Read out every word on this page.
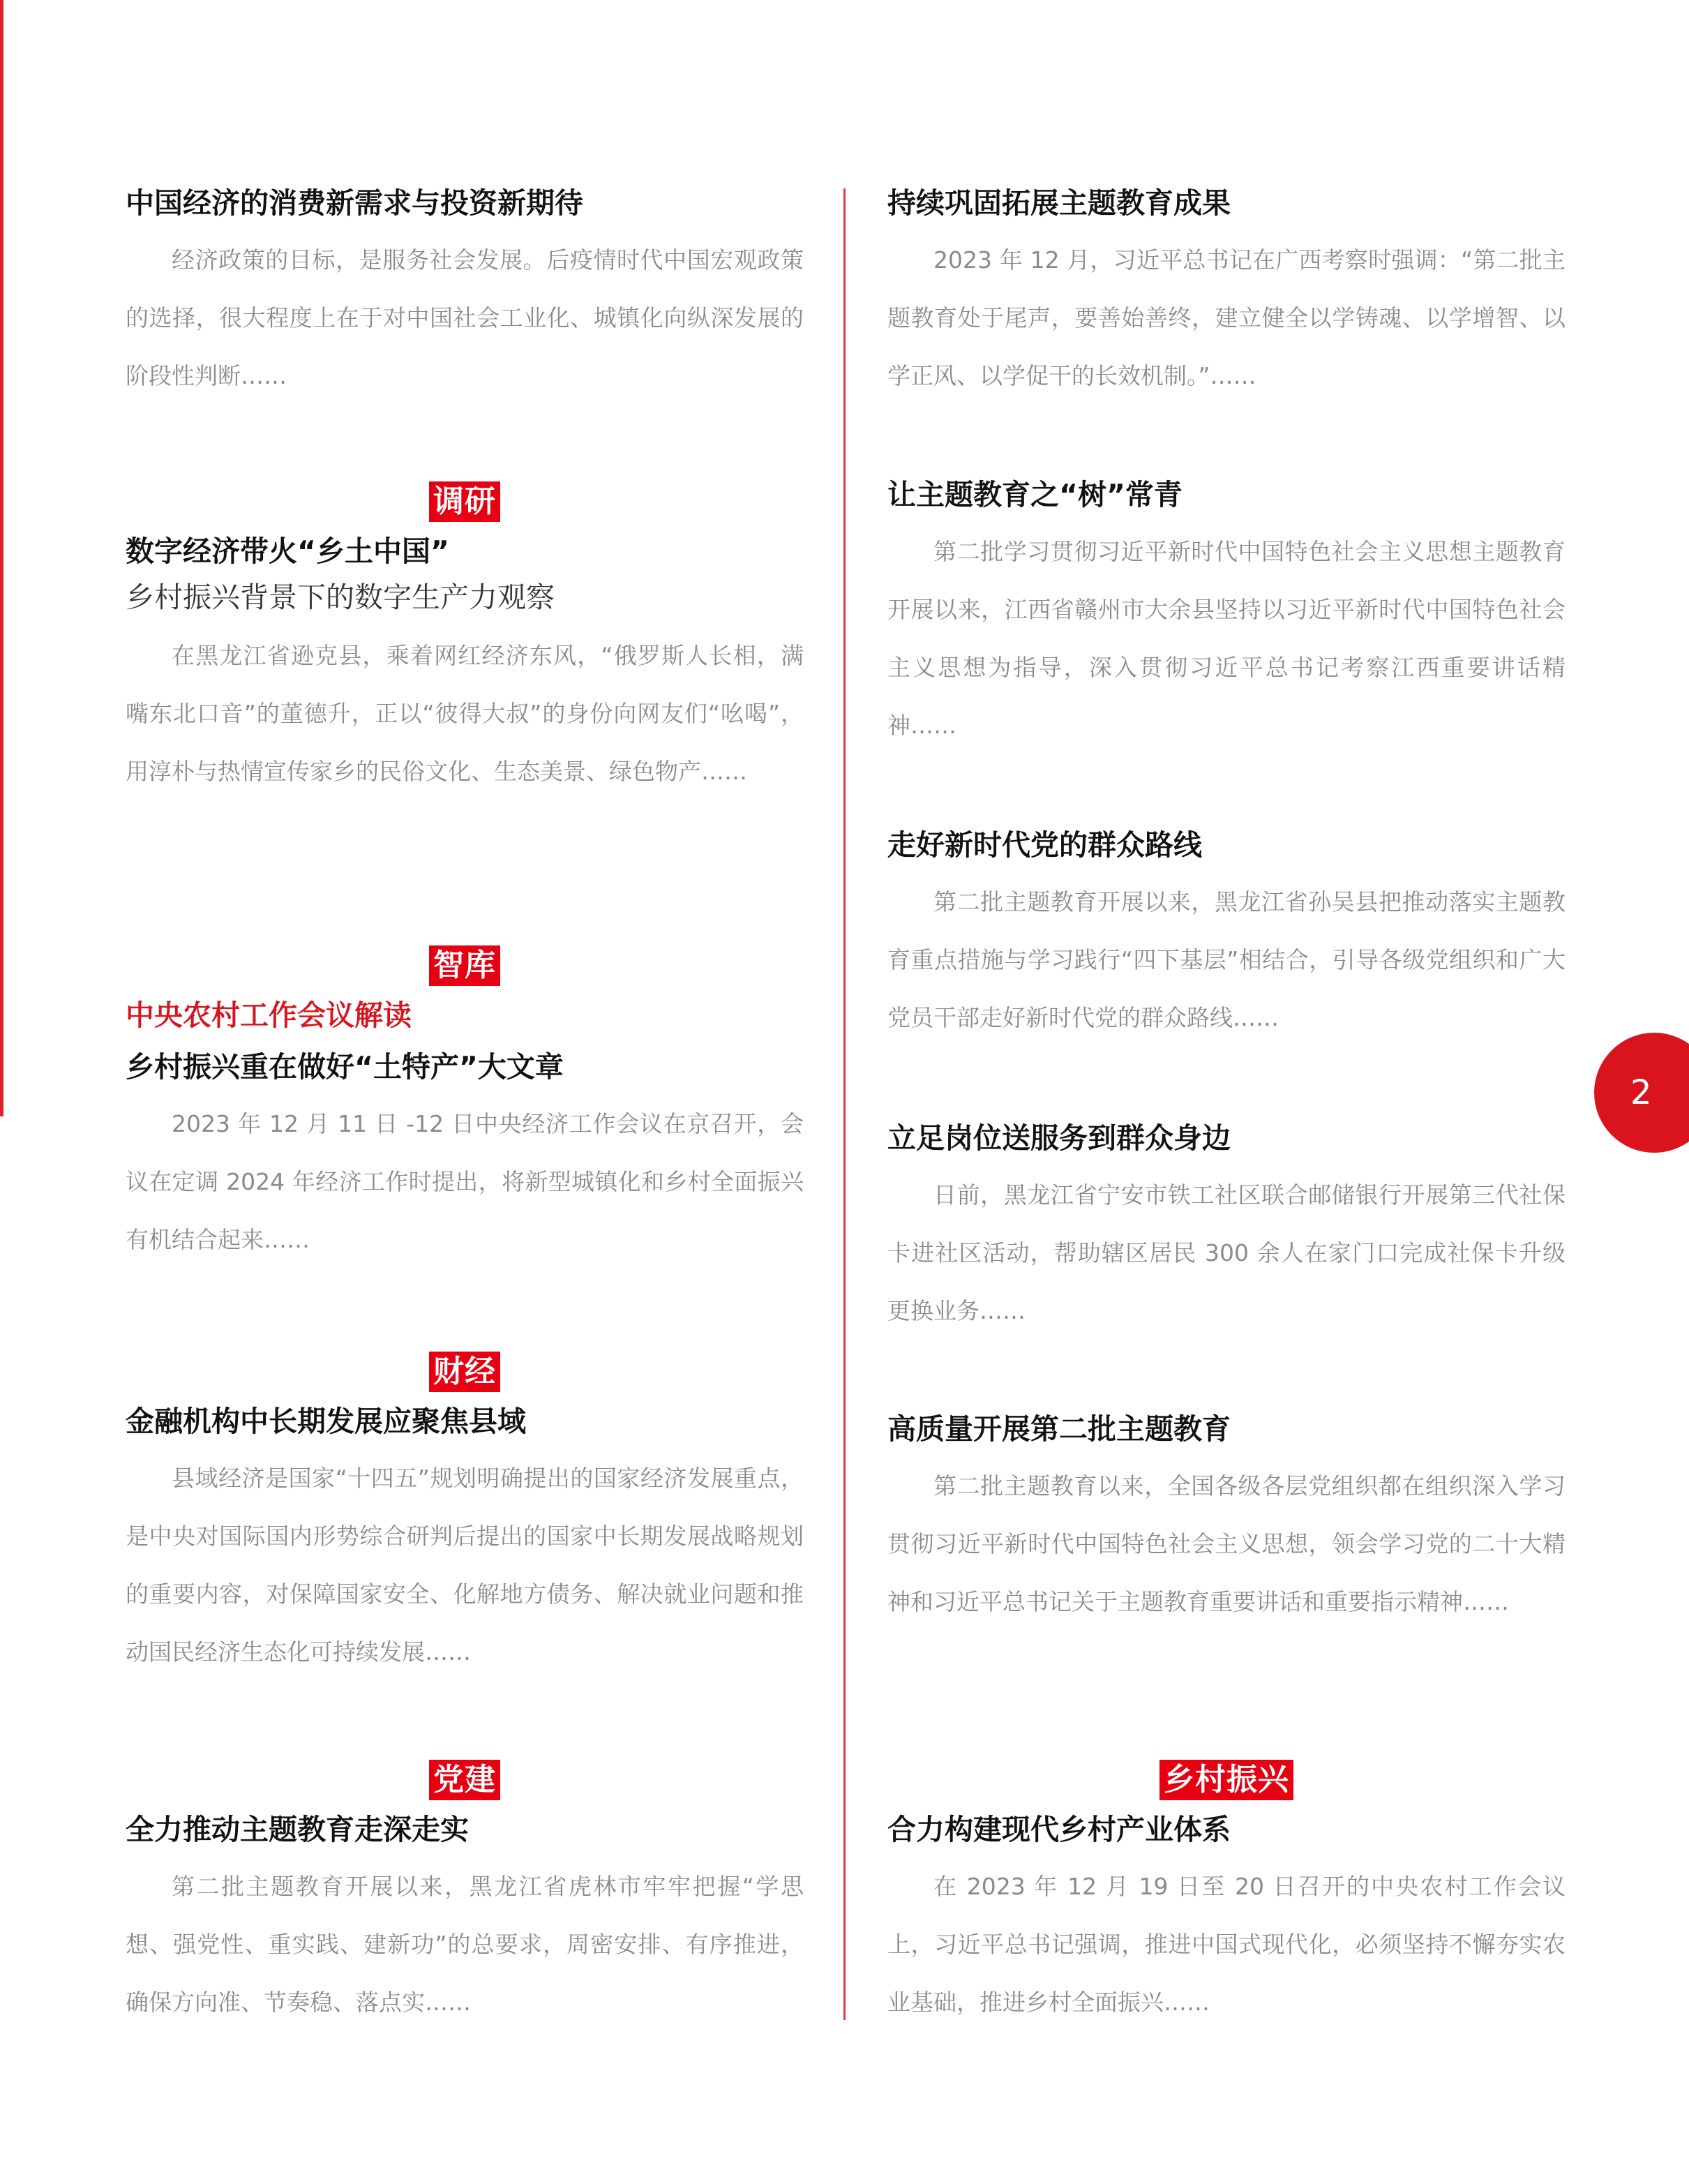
2
中国经济的消费新需求与投资新期待

经济政策的目标，是服务社会发展。后疫情时代中国宏观政策的选择，很大程度上在于对中国社会工业化、城镇化向纵深发展的阶段性判断……

调研
数字经济带火“乡土中国”
乡村振兴背景下的数字生产力观察

在黑龙江省逊克县，乘着网红经济东风，“俄罗斯人长相，满嘴东北口音”的董德升，正以“彼得大叔”的身份向网友们“吆喝”，用淳朴与热情宣传家乡的民俗文化、生态美景、绿色物产……

智库
中央农村工作会议解读
乡村振兴重在做好“土特产”大文章

2023 年 12 月 11 日 -12 日中央经济工作会议在京召开，会议在定调 2024 年经济工作时提出，将新型城镇化和乡村全面振兴有机结合起来……

财经
金融机构中长期发展应聚焦县域

县域经济是国家“十四五”规划明确提出的国家经济发展重点，是中央对国际国内形势综合研判后提出的国家中长期发展战略规划的重要内容，对保障国家安全、化解地方债务、解决就业问题和推动国民经济生态化可持续发展……

党建
全力推动主题教育走深走实

第二批主题教育开展以来，黑龙江省虎林市牢牢把握“学思想、强党性、重实践、建新功”的总要求，周密安排、有序推进，确保方向准、节奏稳、落点实……

持续巩固拓展主题教育成果

2023 年 12 月，习近平总书记在广西考察时强调：“第二批主题教育处于尾声，要善始善终，建立健全以学铸魂、以学增智、以学正风、以学促干的长效机制。”……

让主题教育之“树”常青

第二批学习贯彻习近平新时代中国特色社会主义思想主题教育开展以来，江西省赣州市大余县坚持以习近平新时代中国特色社会主义思想为指导，深入贯彻习近平总书记考察江西重要讲话精神……

走好新时代党的群众路线

第二批主题教育开展以来，黑龙江省孙吴县把推动落实主题教育重点措施与学习践行“四下基层”相结合，引导各级党组织和广大党员干部走好新时代党的群众路线……

立足岗位送服务到群众身边

日前，黑龙江省宁安市铁工社区联合邮储银行开展第三代社保卡进社区活动，帮助辖区居民 300 余人在家门口完成社保卡升级更换业务……

高质量开展第二批主题教育

第二批主题教育以来，全国各级各层党组织都在组织深入学习贯彻习近平新时代中国特色社会主义思想，领会学习党的二十大精神和习近平总书记关于主题教育重要讲话和重要指示精神……

乡村振兴
合力构建现代乡村产业体系

在 2023 年 12 月 19 日至 20 日召开的中央农村工作会议上，习近平总书记强调，推进中国式现代化，必须坚持不懈夯实农业基础，推进乡村全面振兴……
